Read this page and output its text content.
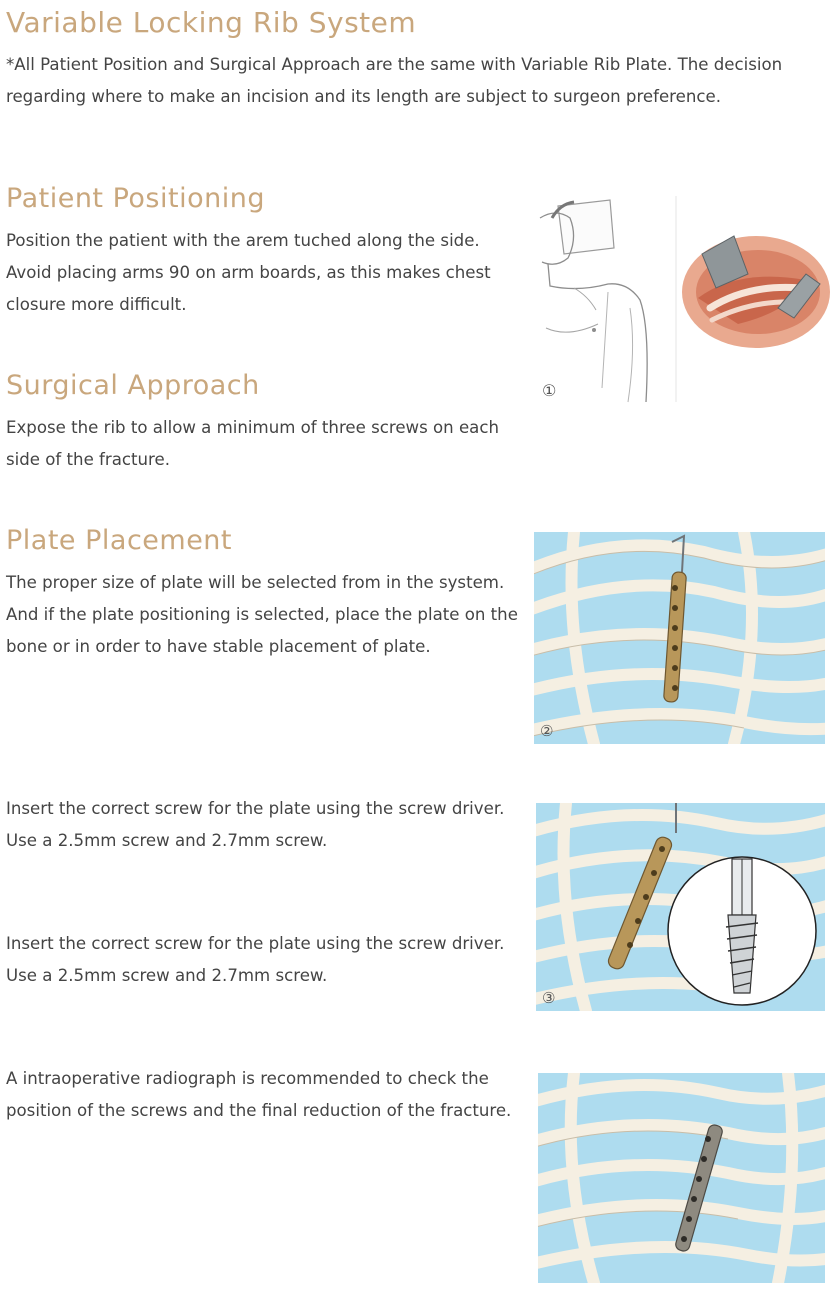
Variable Locking Rib System
*All Patient Position and Surgical Approach are the same with Variable Rib Plate. The decision
regarding where to make an incision and its length are subject to surgeon preference.
Patient Positioning
Position the patient with the arem tuched along the side.
Avoid placing arms 90 on arm boards, as this makes chest
closure more difficult.
Surgical Approach
Expose the rib to allow a minimum of three screws on each
side of the fracture.
Plate Placement
The proper size of plate will be selected from in the system.
And if the plate positioning is selected, place the plate on the
bone or in order to have stable placement of plate.
Insert the correct screw for the plate using the screw driver.
Use a 2.5mm screw and 2.7mm screw.
Insert the correct screw for the plate using the screw driver.
Use a 2.5mm screw and 2.7mm screw.
A intraoperative radiograph is recommended to check the
position of the screws and the final reduction of the fracture.
①
②
③
